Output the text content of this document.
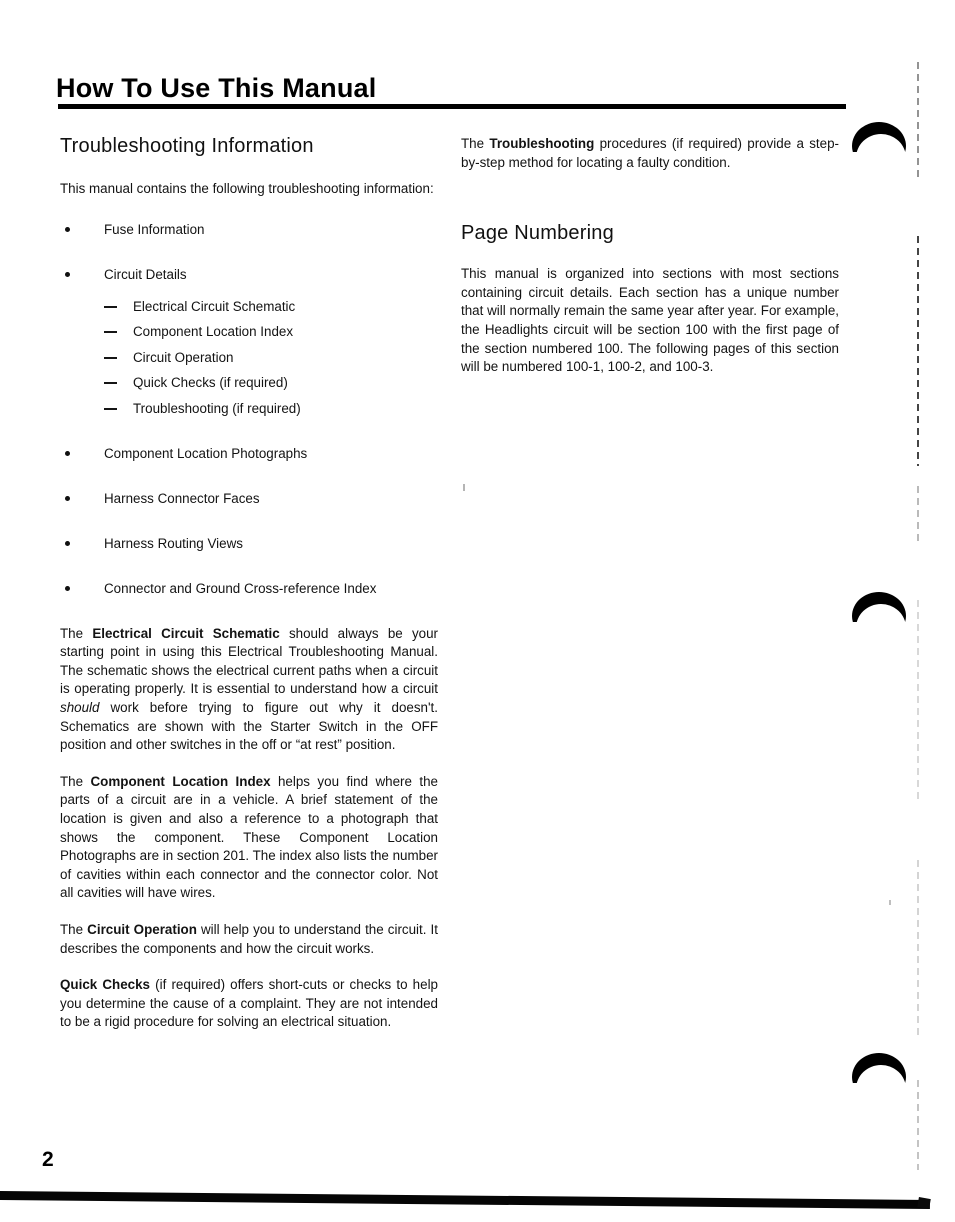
How To Use This Manual
Troubleshooting Information

This manual contains the following troubleshooting information:

Fuse Information
Circuit Details
Electrical Circuit Schematic
Component Location Index
Circuit Operation
Quick Checks (if required)
Troubleshooting (if required)
Component Location Photographs
Harness Connector Faces
Harness Routing Views
Connector and Ground Cross-reference Index

The Electrical Circuit Schematic should always be your starting point in using this Electrical Troubleshooting Manual. The schematic shows the electrical current paths when a circuit is operating properly. It is essential to understand how a circuit should work before trying to figure out why it doesn't. Schematics are shown with the Starter Switch in the OFF position and other switches in the off or “at rest” position.

The Component Location Index helps you find where the parts of a circuit are in a vehicle. A brief statement of the location is given and also a reference to a photograph that shows the component. These Component Location Photographs are in section 201. The index also lists the number of cavities within each connector and the connector color. Not all cavities will have wires.

The Circuit Operation will help you to understand the circuit. It describes the components and how the circuit works.

Quick Checks (if required) offers short-cuts or checks to help you determine the cause of a complaint. They are not intended to be a rigid procedure for solving an electrical situation.

The Troubleshooting procedures (if required) provide a step-by-step method for locating a faulty condition.

Page Numbering

This manual is organized into sections with most sections containing circuit details. Each section has a unique number that will normally remain the same year after year. For example, the Headlights circuit will be section 100 with the first page of the section numbered 100. The following pages of this section will be numbered 100-1, 100-2, and 100-3.

2
